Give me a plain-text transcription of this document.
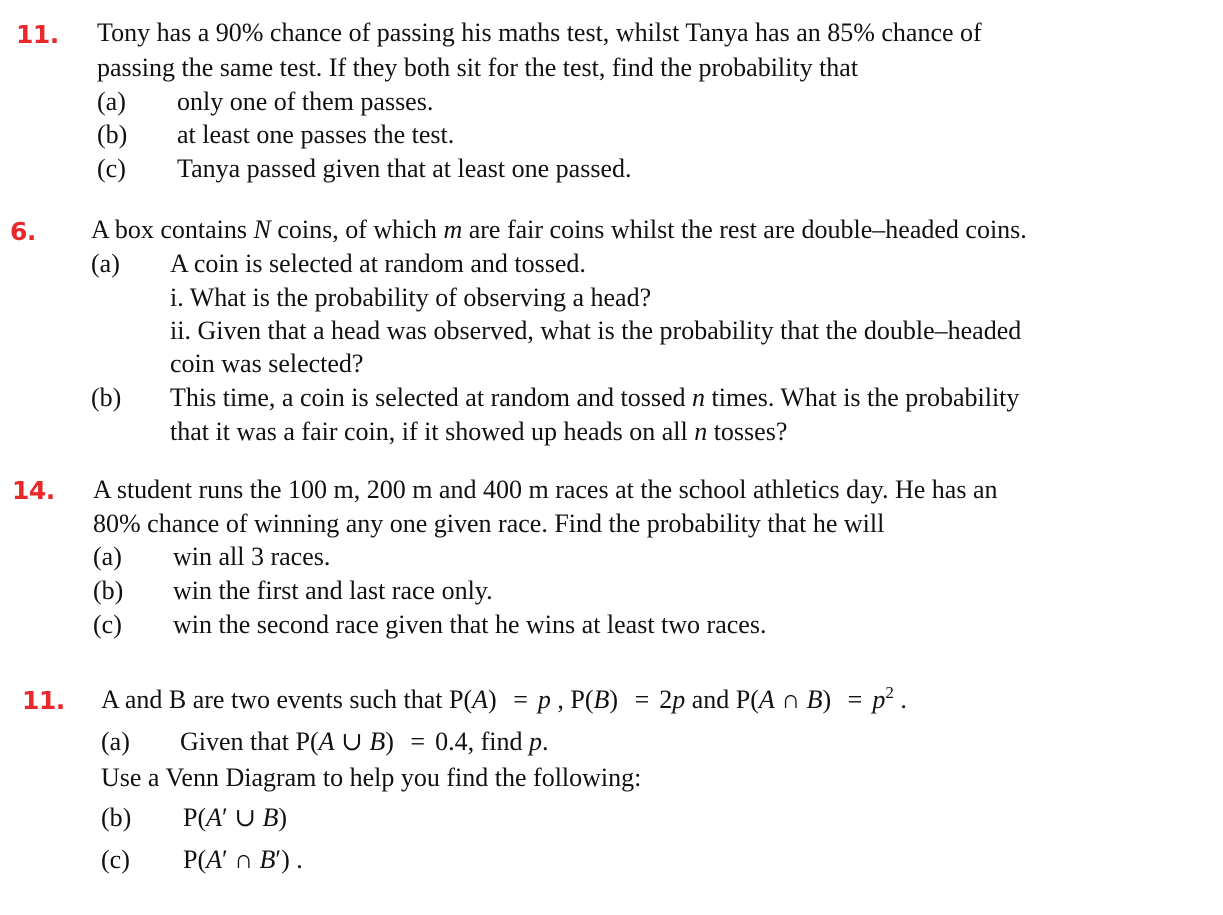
11. Tony has a 90% chance of passing his maths test, whilst Tanya has an 85% chance of
passing the same test. If they both sit for the test, find the probability that
(a) only one of them passes.
(b) at least one passes the test.
(c) Tanya passed given that at least one passed.
6. A box contains N coins, of which m are fair coins whilst the rest are double–headed coins.
(a) A coin is selected at random and tossed.
i. What is the probability of observing a head?
ii. Given that a head was observed, what is the probability that the double–headed
coin was selected?
(b) This time, a coin is selected at random and tossed n times. What is the probability
that it was a fair coin, if it showed up heads on all n tosses?
14. A student runs the 100 m, 200 m and 400 m races at the school athletics day. He has an
80% chance of winning any one given race. Find the probability that he will
(a) win all 3 races.
(b) win the first and last race only.
(c) win the second race given that he wins at least two races.
11. A and B are two events such that P(A) = p , P(B) = 2p and P(A ∩ $B) = p^2$ .
(a) Given that P(A ∪ B) = 0.4, find p.
Use a Venn Diagram to help you find the following:
(b) P(A′ ∪ B)
(c) P(A′ ∩ B′) .
